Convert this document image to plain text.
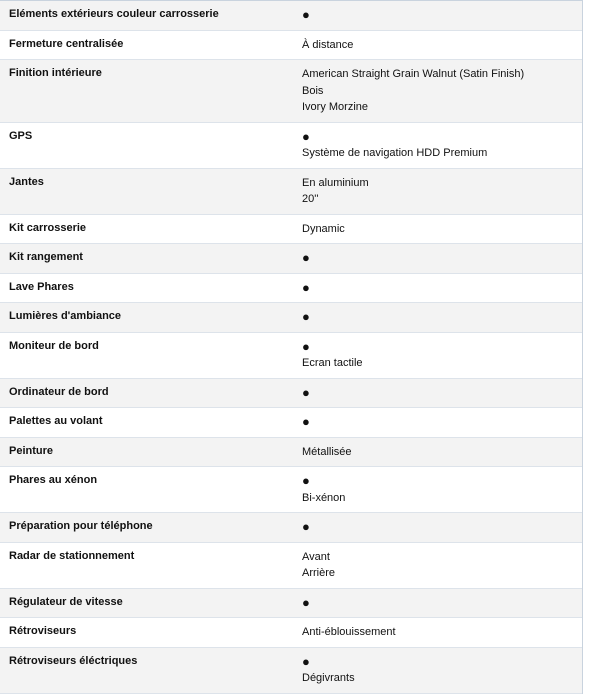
Eléments extérieurs couleur carrosserie	●
Fermeture centralisée	À distance
Finition intérieure	American Straight Grain Walnut (Satin Finish)
Bois
Ivory Morzine
GPS	●
Système de navigation HDD Premium
Jantes	En aluminium
20''
Kit carrosserie	Dynamic
Kit rangement	●
Lave Phares	●
Lumières d'ambiance	●
Moniteur de bord	●
Ecran tactile
Ordinateur de bord	●
Palettes au volant	●
Peinture	Métallisée
Phares au xénon	●
Bi-xénon
Préparation pour téléphone	●
Radar de stationnement	Avant
Arrière
Régulateur de vitesse	●
Rétroviseurs	Anti-éblouissement
Rétroviseurs éléctriques	●
Dégivrants
